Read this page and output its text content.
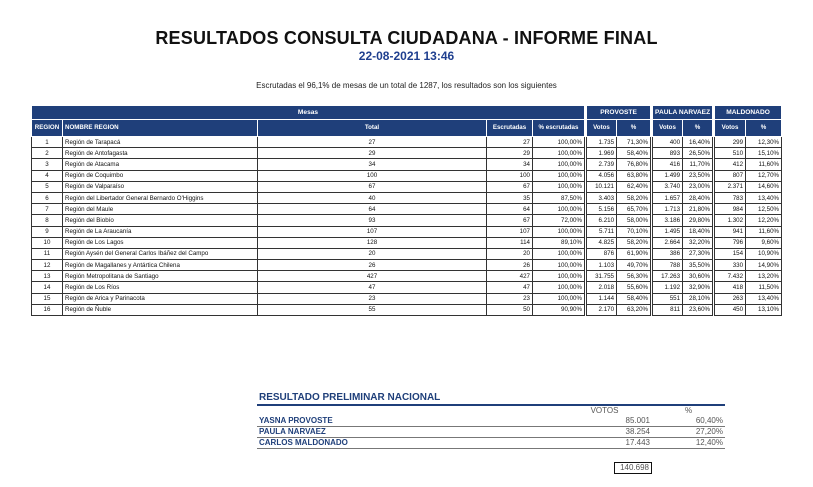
RESULTADOS CONSULTA CIUDADANA - INFORME FINAL
22-08-2021 13:46
Escrutadas el 96,1% de mesas de un total de 1287, los resultados son los siguientes
Mesas						PROVOSTE			PAULA NARVAEZ			MALDONADO	
REGION	NOMBRE REGION	Total	Escrutadas	% escrutadas		Votos	%		Votos	%		Votos	%
1	Región de Tarapacá	27	27	100,00%		1.735	71,30%		400	16,40%		299	12,30%
2	Región de Antofagasta	29	29	100,00%		1.969	58,40%		893	26,50%		510	15,10%
3	Región de Atacama	34	34	100,00%		2.739	76,80%		416	11,70%		412	11,60%
4	Región de Coquimbo	100	100	100,00%		4.056	63,80%		1.499	23,50%		807	12,70%
5	Región de Valparaíso	67	67	100,00%		10.121	62,40%		3.740	23,00%		2.371	14,60%
6	Región del Libertador General Bernardo O'Higgins	40	35	87,50%		3.403	58,20%		1.657	28,40%		783	13,40%
7	Región del Maule	64	64	100,00%		5.156	65,70%		1.713	21,80%		984	12,50%
8	Región del Biobío	93	67	72,00%		6.210	58,00%		3.186	29,80%		1.302	12,20%
9	Región de La Araucanía	107	107	100,00%		5.711	70,10%		1.495	18,40%		941	11,60%
10	Región de Los Lagos	128	114	89,10%		4.825	58,20%		2.664	32,20%		796	9,60%
11	Región Aysén del General Carlos Ibáñez del Campo	20	20	100,00%		876	61,90%		386	27,30%		154	10,90%
12	Región de Magallanes y Antártica Chilena	26	26	100,00%		1.103	49,70%		788	35,50%		330	14,90%
13	Región Metropolitana de Santiago	427	427	100,00%		31.755	56,30%		17.263	30,60%		7.432	13,20%
14	Región de Los Ríos	47	47	100,00%		2.018	55,60%		1.192	32,90%		418	11,50%
15	Región de Arica y Parinacota	23	23	100,00%		1.144	58,40%		551	28,10%		263	13,40%
16	Región de Ñuble	55	50	90,90%		2.170	63,20%		811	23,60%		450	13,10%
RESULTADO PRELIMINAR NACIONAL
	VOTOS	%
YASNA PROVOSTE	85.001	60,40%
PAULA NARVAEZ	38.254	27,20%
CARLOS MALDONADO	17.443	12,40%
140.698
